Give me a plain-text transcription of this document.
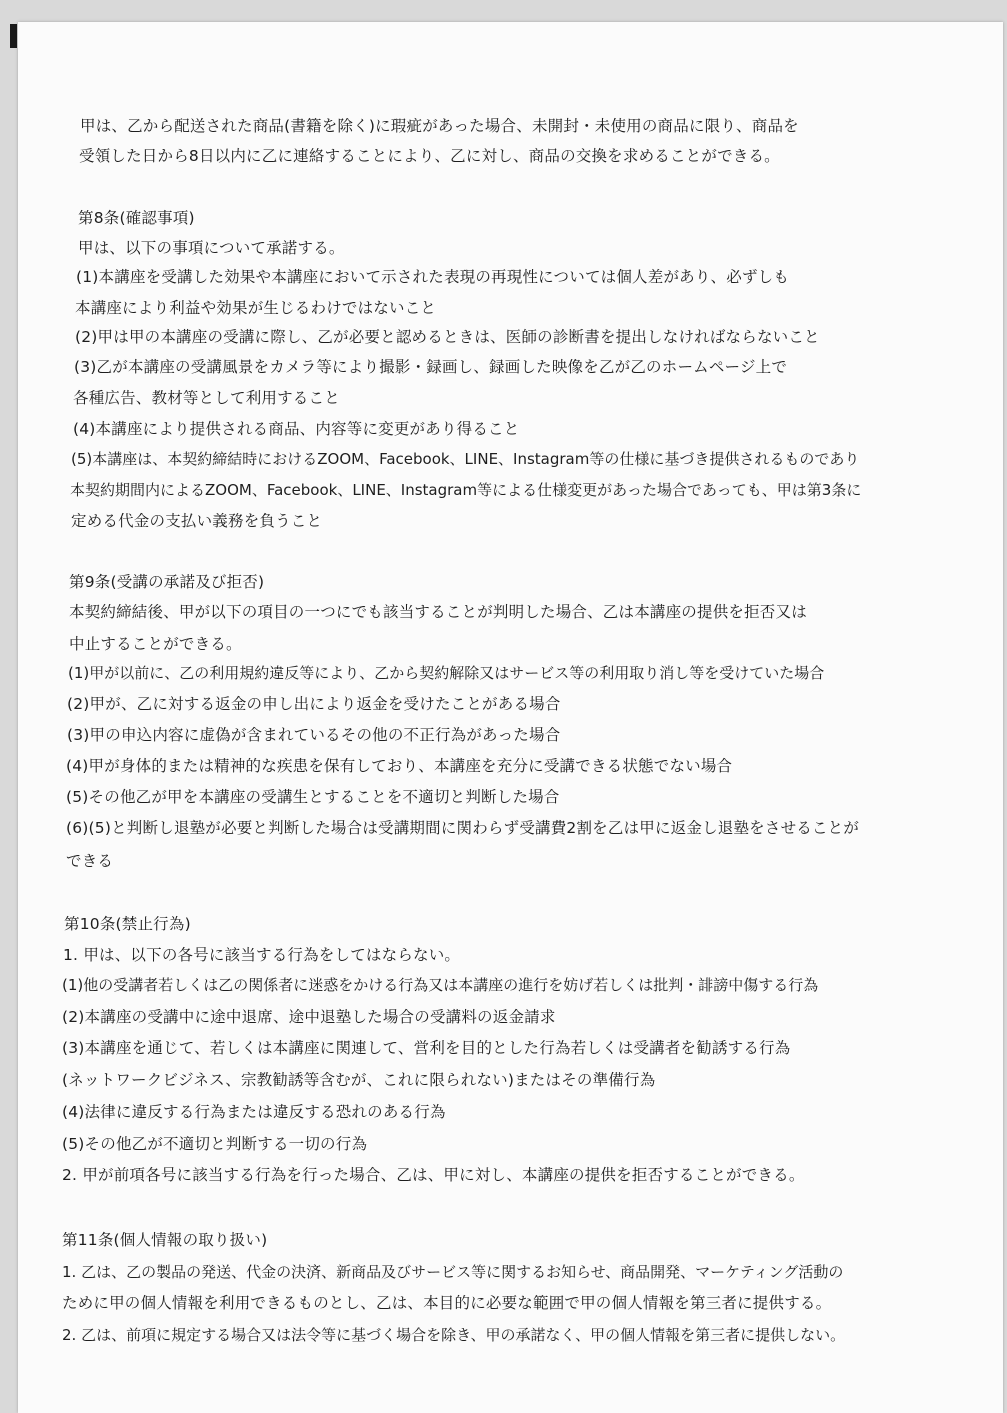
甲は、乙から配送された商品(書籍を除く)に瑕疵があった場合、未開封・未使用の商品に限り、商品を
受領した日から8日以内に乙に連絡することにより、乙に対し、商品の交換を求めることができる。
第8条(確認事項)
甲は、以下の事項について承諾する。
(1)本講座を受講した効果や本講座において示された表現の再現性については個人差があり、必ずしも
本講座により利益や効果が生じるわけではないこと
(2)甲は甲の本講座の受講に際し、乙が必要と認めるときは、医師の診断書を提出しなければならないこと
(3)乙が本講座の受講風景をカメラ等により撮影・録画し、録画した映像を乙が乙のホームページ上で
各種広告、教材等として利用すること
(4)本講座により提供される商品、内容等に変更があり得ること
(5)本講座は、本契約締結時におけるZOOM、Facebook、LINE、Instagram等の仕様に基づき提供されるものであり
本契約期間内によるZOOM、Facebook、LINE、Instagram等による仕様変更があった場合であっても、甲は第3条に
定める代金の支払い義務を負うこと
第9条(受講の承諾及び拒否)
本契約締結後、甲が以下の項目の一つにでも該当することが判明した場合、乙は本講座の提供を拒否又は
中止することができる。
(1)甲が以前に、乙の利用規約違反等により、乙から契約解除又はサービス等の利用取り消し等を受けていた場合
(2)甲が、乙に対する返金の申し出により返金を受けたことがある場合
(3)甲の申込内容に虚偽が含まれているその他の不正行為があった場合
(4)甲が身体的または精神的な疾患を保有しており、本講座を充分に受講できる状態でない場合
(5)その他乙が甲を本講座の受講生とすることを不適切と判断した場合
(6)(5)と判断し退塾が必要と判断した場合は受講期間に関わらず受講費2割を乙は甲に返金し退塾をさせることが
できる
第10条(禁止行為)
1. 甲は、以下の各号に該当する行為をしてはならない。
(1)他の受講者若しくは乙の関係者に迷惑をかける行為又は本講座の進行を妨げ若しくは批判・誹謗中傷する行為
(2)本講座の受講中に途中退席、途中退塾した場合の受講料の返金請求
(3)本講座を通じて、若しくは本講座に関連して、営利を目的とした行為若しくは受講者を勧誘する行為
(ネットワークビジネス、宗教勧誘等含むが、これに限られない)またはその準備行為
(4)法律に違反する行為または違反する恐れのある行為
(5)その他乙が不適切と判断する一切の行為
2. 甲が前項各号に該当する行為を行った場合、乙は、甲に対し、本講座の提供を拒否することができる。
第11条(個人情報の取り扱い)
1. 乙は、乙の製品の発送、代金の決済、新商品及びサービス等に関するお知らせ、商品開発、マーケティング活動の
ために甲の個人情報を利用できるものとし、乙は、本目的に必要な範囲で甲の個人情報を第三者に提供する。
2. 乙は、前項に規定する場合又は法令等に基づく場合を除き、甲の承諾なく、甲の個人情報を第三者に提供しない。
